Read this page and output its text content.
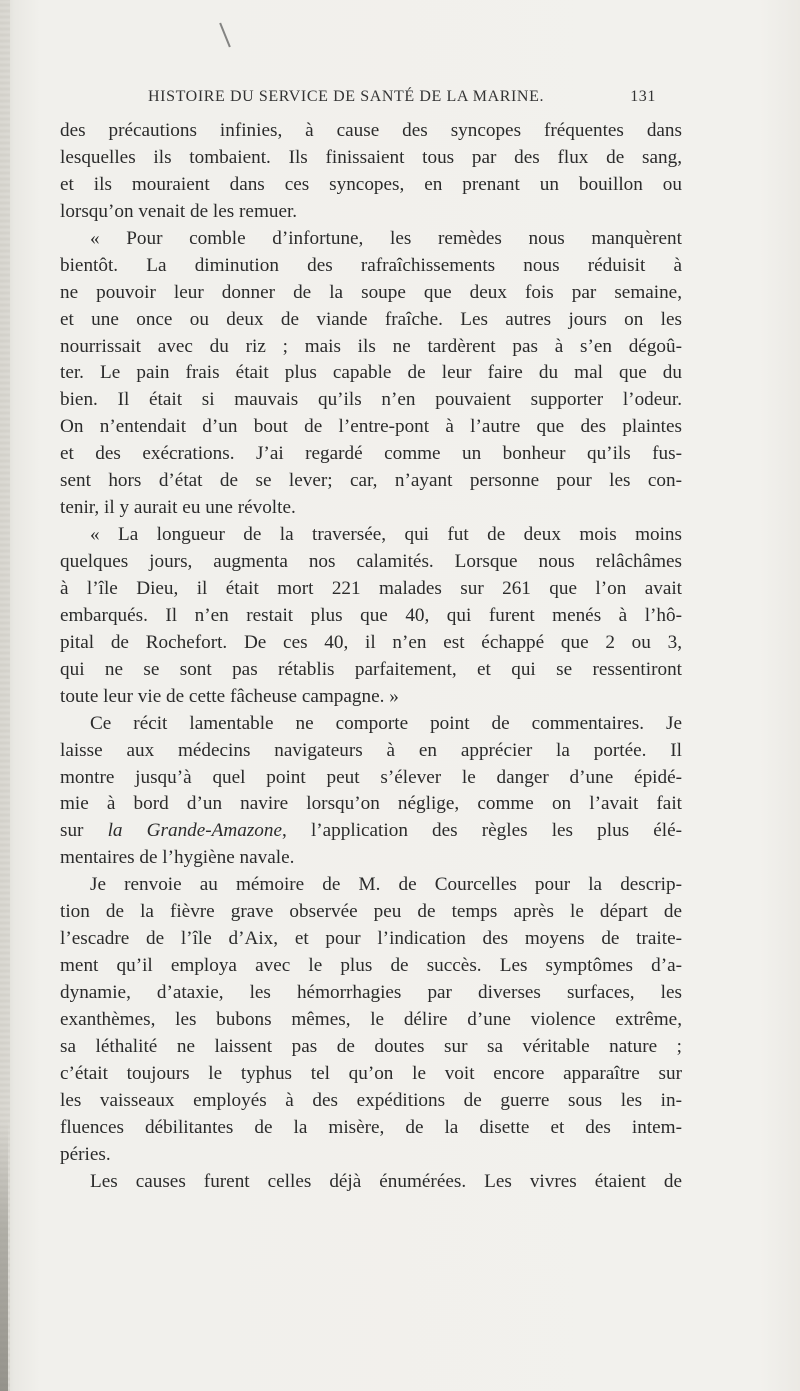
HISTOIRE DU SERVICE DE SANTÉ DE LA MARINE.	131
des précautions infinies, à cause des syncopes fréquentes dans
lesquelles ils tombaient. Ils finissaient tous par des flux de sang,
et ils mouraient dans ces syncopes, en prenant un bouillon ou
lorsqu’on venait de les remuer.
« Pour comble d’infortune, les remèdes nous manquèrent
bientôt. La diminution des rafraîchissements nous réduisit à
ne pouvoir leur donner de la soupe que deux fois par semaine,
et une once ou deux de viande fraîche. Les autres jours on les
nourrissait avec du riz ; mais ils ne tardèrent pas à s’en dégoû-
ter. Le pain frais était plus capable de leur faire du mal que du
bien. Il était si mauvais qu’ils n’en pouvaient supporter l’odeur.
On n’entendait d’un bout de l’entre-pont à l’autre que des plaintes
et des exécrations. J’ai regardé comme un bonheur qu’ils fus-
sent hors d’état de se lever; car, n’ayant personne pour les con-
tenir, il y aurait eu une révolte.
« La longueur de la traversée, qui fut de deux mois moins
quelques jours, augmenta nos calamités. Lorsque nous relâchâmes
à l’île Dieu, il était mort 221 malades sur 261 que l’on avait
embarqués. Il n’en restait plus que 40, qui furent menés à l’hô-
pital de Rochefort. De ces 40, il n’en est échappé que 2 ou 3,
qui ne se sont pas rétablis parfaitement, et qui se ressentiront
toute leur vie de cette fâcheuse campagne. »
Ce récit lamentable ne comporte point de commentaires. Je
laisse aux médecins navigateurs à en apprécier la portée. Il
montre jusqu’à quel point peut s’élever le danger d’une épidé-
mie à bord d’un navire lorsqu’on néglige, comme on l’avait fait
sur la Grande-Amazone, l’application des règles les plus élé-
mentaires de l’hygiène navale.
Je renvoie au mémoire de M. de Courcelles pour la descrip-
tion de la fièvre grave observée peu de temps après le départ de
l’escadre de l’île d’Aix, et pour l’indication des moyens de traite-
ment qu’il employa avec le plus de succès. Les symptômes d’a-
dynamie, d’ataxie, les hémorrhagies par diverses surfaces, les
exanthèmes, les bubons mêmes, le délire d’une violence extrême,
sa léthalité ne laissent pas de doutes sur sa véritable nature ;
c’était toujours le typhus tel qu’on le voit encore apparaître sur
les vaisseaux employés à des expéditions de guerre sous les in-
fluences débilitantes de la misère, de la disette et des intem-
péries.
Les causes furent celles déjà énumérées. Les vivres étaient de
